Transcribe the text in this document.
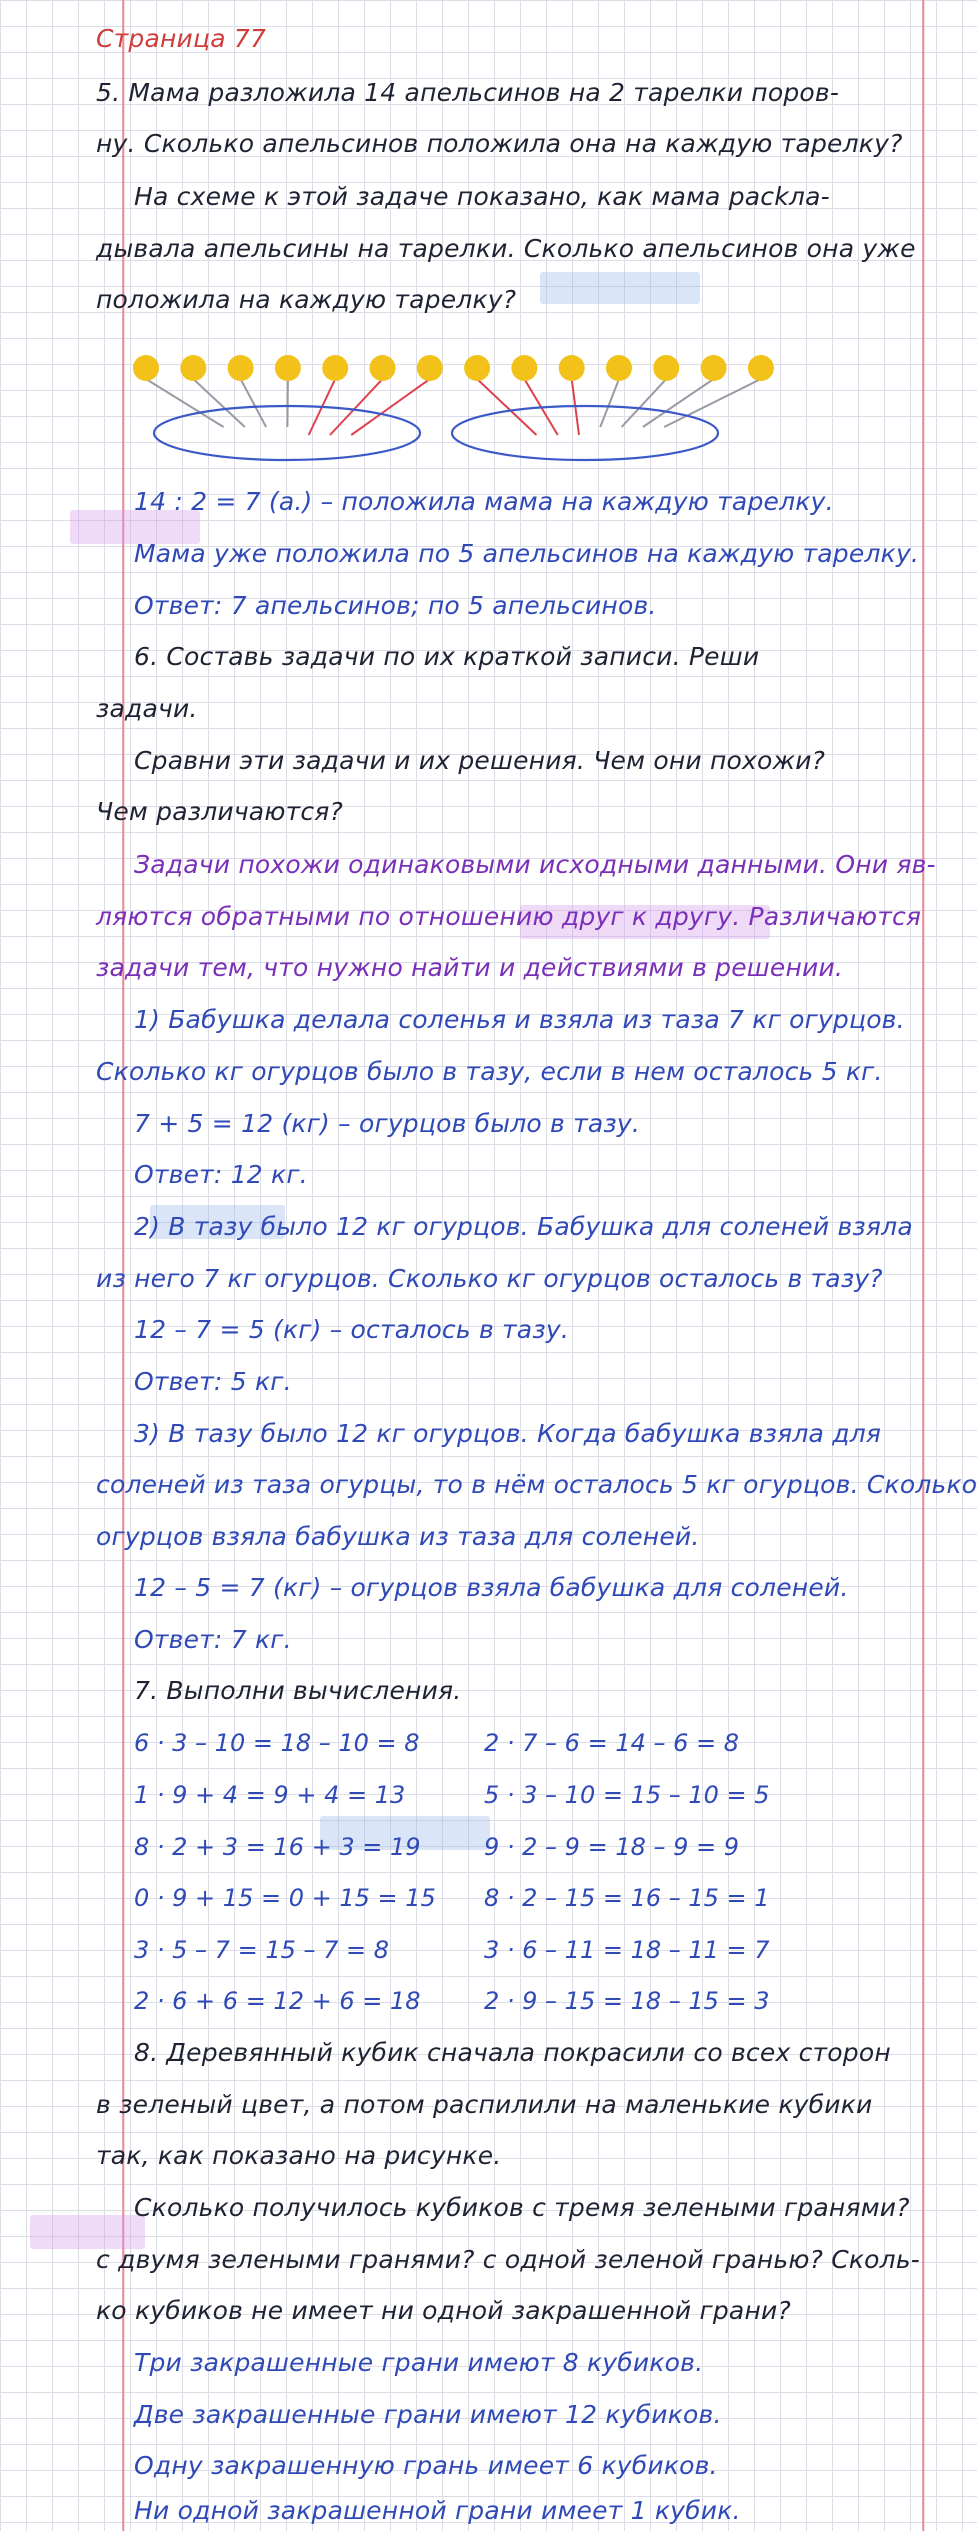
Страница 77

5. Мама разложила 14 апельсинов на 2 тарелки поров-

ну. Сколько апельсинов положила она на каждую тарелку?

На схеме к этой задаче показано, как мама расkла-

дывала апельсины на тарелки. Сколько апельсинов она уже

положила на каждую тарелку?

14 : 2 = 7 (а.) – положила мама на каждую тарелку.

Мама уже положила по 5 апельсинов на каждую тарелку.

Ответ: 7 апельсинов; по 5 апельсинов.

6. Составь задачи по их краткой записи. Реши

задачи.

Сравни эти задачи и их решения. Чем они похожи?

Чем различаются?

Задачи похожи одинаковыми исходными данными. Они яв-

ляются обратными по отношению друг к другу. Различаются

задачи тем, что нужно найти и действиями в решении.

1) Бабушка делала соленья и взяла из таза 7 кг огурцов.

Сколько кг огурцов было в тазу, если в нем осталось 5 кг.

7 + 5 = 12 (кг) – огурцов было в тазу.

Ответ: 12 кг.

2) В тазу было 12 кг огурцов. Бабушка для соленей взяла

из него 7 кг огурцов. Сколько кг огурцов осталось в тазу?

12 – 7 = 5 (кг) – осталось в тазу.

Ответ: 5 кг.

3) В тазу было 12 кг огурцов. Когда бабушка взяла для

соленей из таза огурцы, то в нём осталось 5 кг огурцов. Сколько

огурцов взяла бабушка из таза для соленей.

12 – 5 = 7 (кг) – огурцов взяла бабушка для соленей.

Ответ: 7 кг.

7. Выполни вычисления.

6 · 3 – 10 = 18 – 10 = 8
1 · 9 + 4 = 9 + 4 = 13
8 · 2 + 3 = 16 + 3 = 19
0 · 9 + 15 = 0 + 15 = 15
3 · 5 – 7 = 15 – 7 = 8
2 · 6 + 6 = 12 + 6 = 18
2 · 7 – 6 = 14 – 6 = 8
5 · 3 – 10 = 15 – 10 = 5
9 · 2 – 9 = 18 – 9 = 9
8 · 2 – 15 = 16 – 15 = 1
3 · 6 – 11 = 18 – 11 = 7
2 · 9 – 15 = 18 – 15 = 3

8. Деревянный кубик сначала покрасили со всех сторон

в зеленый цвет, а потом распилили на маленькие кубики

так, как показано на рисунке.

Сколько получилось кубиков с тремя зелеными гранями?

с двумя зелеными гранями? с одной зеленой гранью? Сколь-

ко кубиков не имеет ни одной закрашенной грани?

Три закрашенные грани имеют 8 кубиков.

Две закрашенные грани имеют 12 кубиков.

Одну закрашенную грань имеет 6 кубиков.

Ни одной закрашенной грани имеет 1 кубик.
